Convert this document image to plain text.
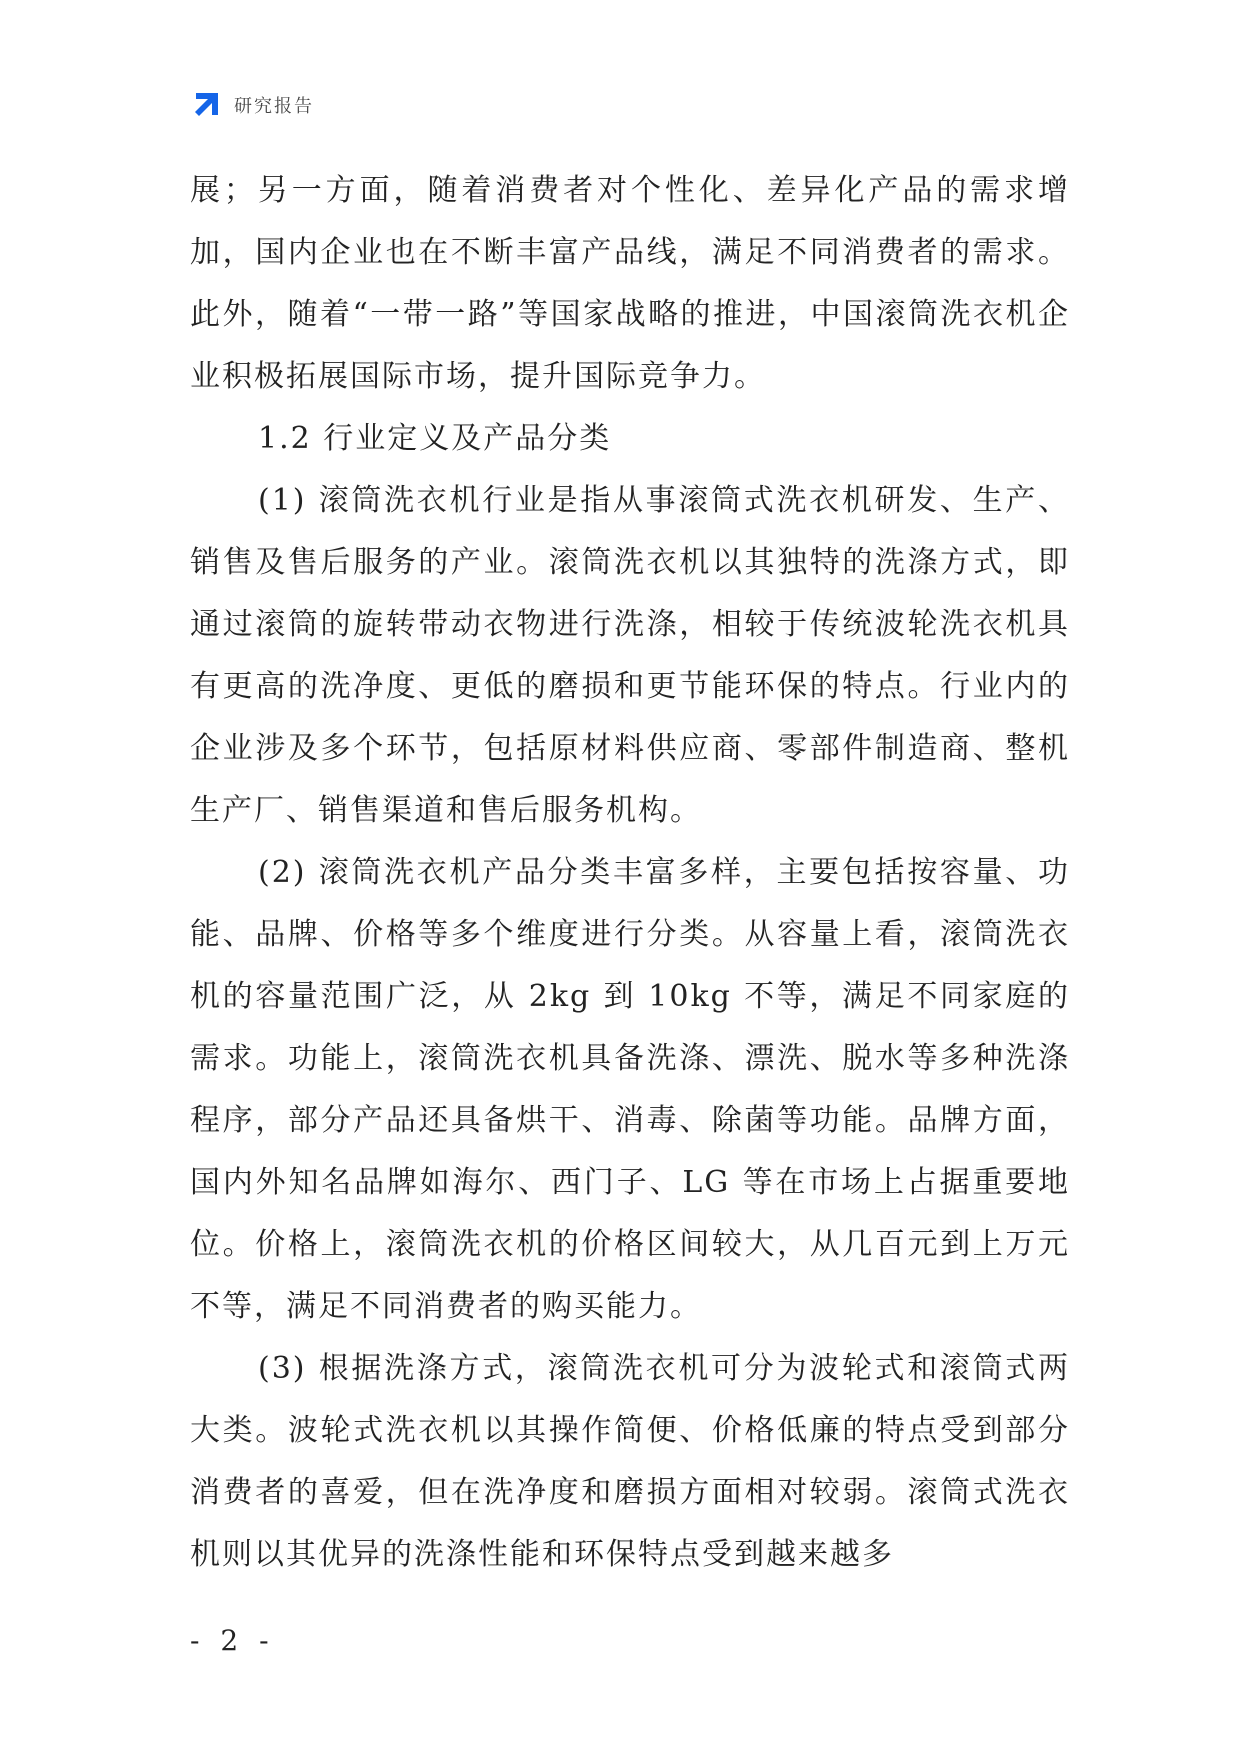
研究报告

展；另一方面，随着消费者对个性化、差异化产品的需求增加，国内企业也在不断丰富产品线，满足不同消费者的需求。此外，随着“一带一路”等国家战略的推进，中国滚筒洗衣机企业积极拓展国际市场，提升国际竞争力。

1.2 行业定义及产品分类

(1) 滚筒洗衣机行业是指从事滚筒式洗衣机研发、生产、销售及售后服务的产业。滚筒洗衣机以其独特的洗涤方式，即通过滚筒的旋转带动衣物进行洗涤，相较于传统波轮洗衣机具有更高的洗净度、更低的磨损和更节能环保的特点。行业内的企业涉及多个环节，包括原材料供应商、零部件制造商、整机生产厂、销售渠道和售后服务机构。

(2) 滚筒洗衣机产品分类丰富多样，主要包括按容量、功能、品牌、价格等多个维度进行分类。从容量上看，滚筒洗衣机的容量范围广泛，从 2kg 到 10kg 不等，满足不同家庭的需求。功能上，滚筒洗衣机具备洗涤、漂洗、脱水等多种洗涤程序，部分产品还具备烘干、消毒、除菌等功能。品牌方面，国内外知名品牌如海尔、西门子、LG 等在市场上占据重要地位。价格上，滚筒洗衣机的价格区间较大，从几百元到上万元不等，满足不同消费者的购买能力。

(3) 根据洗涤方式，滚筒洗衣机可分为波轮式和滚筒式两大类。波轮式洗衣机以其操作简便、价格低廉的特点受到部分消费者的喜爱，但在洗净度和磨损方面相对较弱。滚筒式洗衣机则以其优异的洗涤性能和环保特点受到越来越多

- 2 -
